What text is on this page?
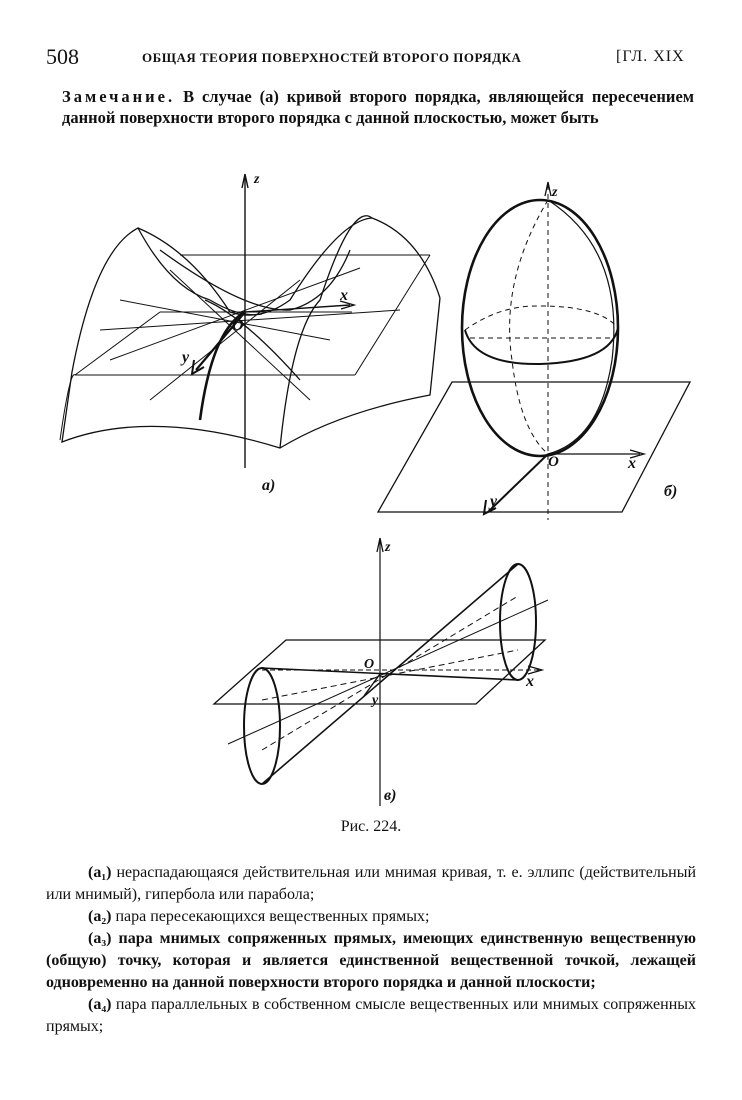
508	ОБЩАЯ ТЕОРИЯ ПОВЕРХНОСТЕЙ ВТОРОГО ПОРЯДКА	[ГЛ. XIX
Замечание. В случае (а) кривой второго порядка, являющейся пересечением данной поверхности второго порядка с данной плоскостью, может быть
z
x
y
O
а)
z
x
y
O
б)
z
x
y
O
в)
Рис. 224.

(а₁) нераспадающаяся действительная или мнимая кривая, т. е. эллипс (действительный или мнимый), гипербола или парабола;

(а₂) пара пересекающихся вещественных прямых;

(а₃) пара мнимых сопряженных прямых, имеющих единственную вещественную (общую) точку, которая и является единственной вещественной точкой, лежащей одновременно на данной поверхности второго порядка и данной плоскости;

(а₄) пара параллельных в собственном смысле вещественных или мнимых сопряженных прямых;
